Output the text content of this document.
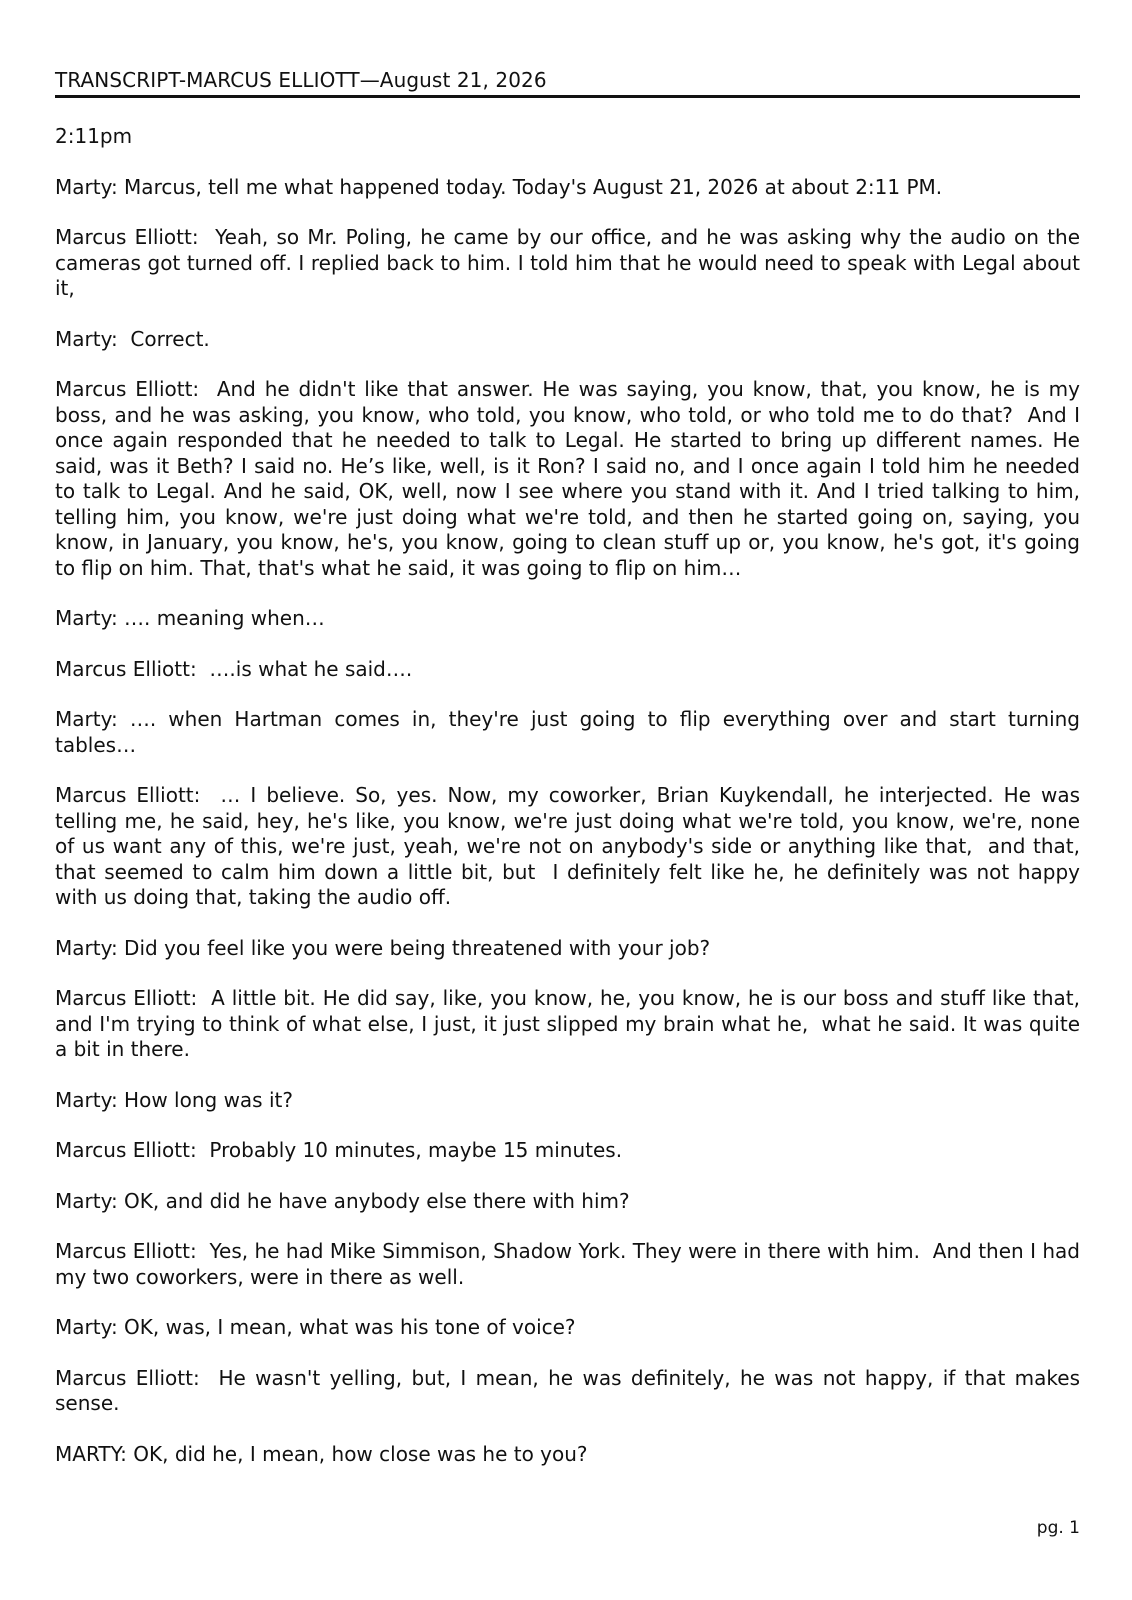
TRANSCRIPT-MARCUS ELLIOTT—August 21, 2026

2:11pm

Marty: Marcus, tell me what happened today. Today's August 21, 2026 at about 2:11 PM.

Marcus Elliott:  Yeah, so Mr. Poling, he came by our office, and he was asking why the audio on the cameras got turned off. I replied back to him. I told him that he would need to speak with Legal about it,

Marty:  Correct.

Marcus Elliott:  And he didn't like that answer. He was saying, you know, that, you know, he is my boss, and he was asking, you know, who told, you know, who told, or who told me to do that?  And I once again responded that he needed to talk to Legal. He started to bring up different names. He said, was it Beth? I said no. He’s like, well, is it Ron? I said no, and I once again I told him he needed to talk to Legal. And he said, OK, well, now I see where you stand with it. And I tried talking to him, telling him, you know, we're just doing what we're told, and then he started going on, saying, you know, in January, you know, he's, you know, going to clean stuff up or, you know, he's got, it's going to flip on him. That, that's what he said, it was going to flip on him…

Marty: …. meaning when…

Marcus Elliott:  ….is what he said….

Marty: …. when Hartman comes in, they're just going to flip everything over and start turning tables…

Marcus Elliott:  … I believe. So, yes. Now, my coworker, Brian Kuykendall, he interjected. He was telling me, he said, hey, he's like, you know, we're just doing what we're told, you know, we're, none of us want any of this, we're just, yeah, we're not on anybody's side or anything like that,  and that, that seemed to calm him down a little bit, but  I definitely felt like he, he definitely was not happy with us doing that, taking the audio off.

Marty: Did you feel like you were being threatened with your job?

Marcus Elliott:  A little bit. He did say, like, you know, he, you know, he is our boss and stuff like that, and I'm trying to think of what else, I just, it just slipped my brain what he,  what he said. It was quite a bit in there.

Marty: How long was it?

Marcus Elliott:  Probably 10 minutes, maybe 15 minutes.

Marty: OK, and did he have anybody else there with him?

Marcus Elliott:  Yes, he had Mike Simmison, Shadow York. They were in there with him.  And then I had my two coworkers, were in there as well.

Marty: OK, was, I mean, what was his tone of voice?

Marcus Elliott:  He wasn't yelling, but, I mean, he was definitely, he was not happy, if that makes sense.

MARTY: OK, did he, I mean, how close was he to you?

pg. 1
